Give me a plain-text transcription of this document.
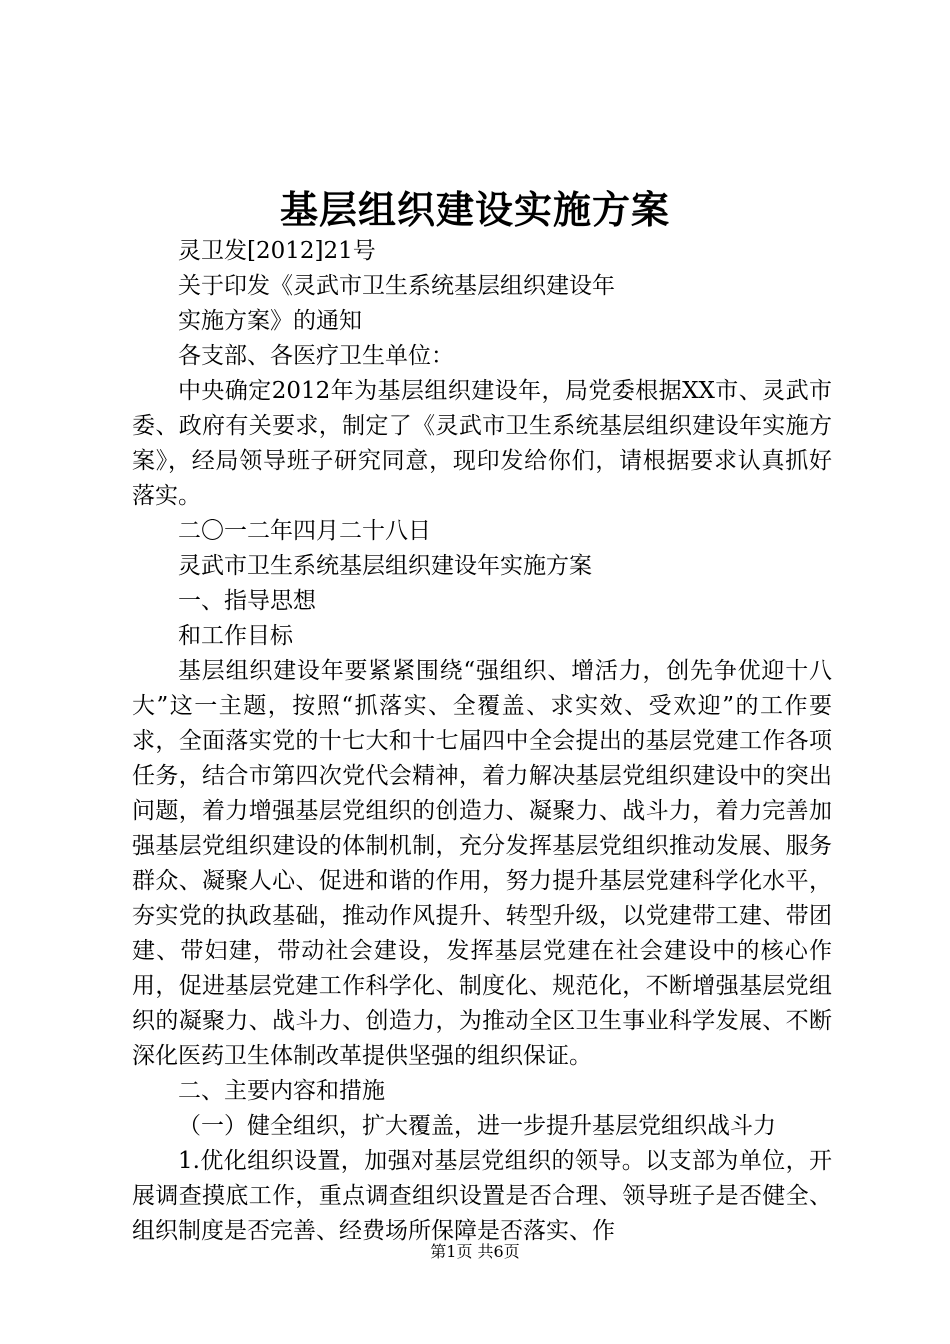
基层组织建设实施方案

灵卫发[2012]21号

关于印发《灵武市卫生系统基层组织建设年

实施方案》的通知

各支部、各医疗卫生单位：

中央确定2012年为基层组织建设年，局党委根据XX市、灵武市委、政府有关要求，制定了《灵武市卫生系统基层组织建设年实施方案》，经局领导班子研究同意，现印发给你们，请根据要求认真抓好落实。

二〇一二年四月二十八日

灵武市卫生系统基层组织建设年实施方案

一、指导思想

和工作目标

基层组织建设年要紧紧围绕“强组织、增活力，创先争优迎十八大”这一主题，按照“抓落实、全覆盖、求实效、受欢迎”的工作要求，全面落实党的十七大和十七届四中全会提出的基层党建工作各项任务，结合市第四次党代会精神，着力解决基层党组织建设中的突出问题，着力增强基层党组织的创造力、凝聚力、战斗力，着力完善加强基层党组织建设的体制机制，充分发挥基层党组织推动发展、服务群众、凝聚人心、促进和谐的作用，努力提升基层党建科学化水平，夯实党的执政基础，推动作风提升、转型升级，以党建带工建、带团建、带妇建，带动社会建设，发挥基层党建在社会建设中的核心作用，促进基层党建工作科学化、制度化、规范化，不断增强基层党组织的凝聚力、战斗力、创造力，为推动全区卫生事业科学发展、不断深化医药卫生体制改革提供坚强的组织保证。

二、主要内容和措施

（一）健全组织，扩大覆盖，进一步提升基层党组织战斗力

1.优化组织设置，加强对基层党组织的领导。以支部为单位，开展调查摸底工作，重点调查组织设置是否合理、领导班子是否健全、组织制度是否完善、经费场所保障是否落实、作

第1页 共6页
